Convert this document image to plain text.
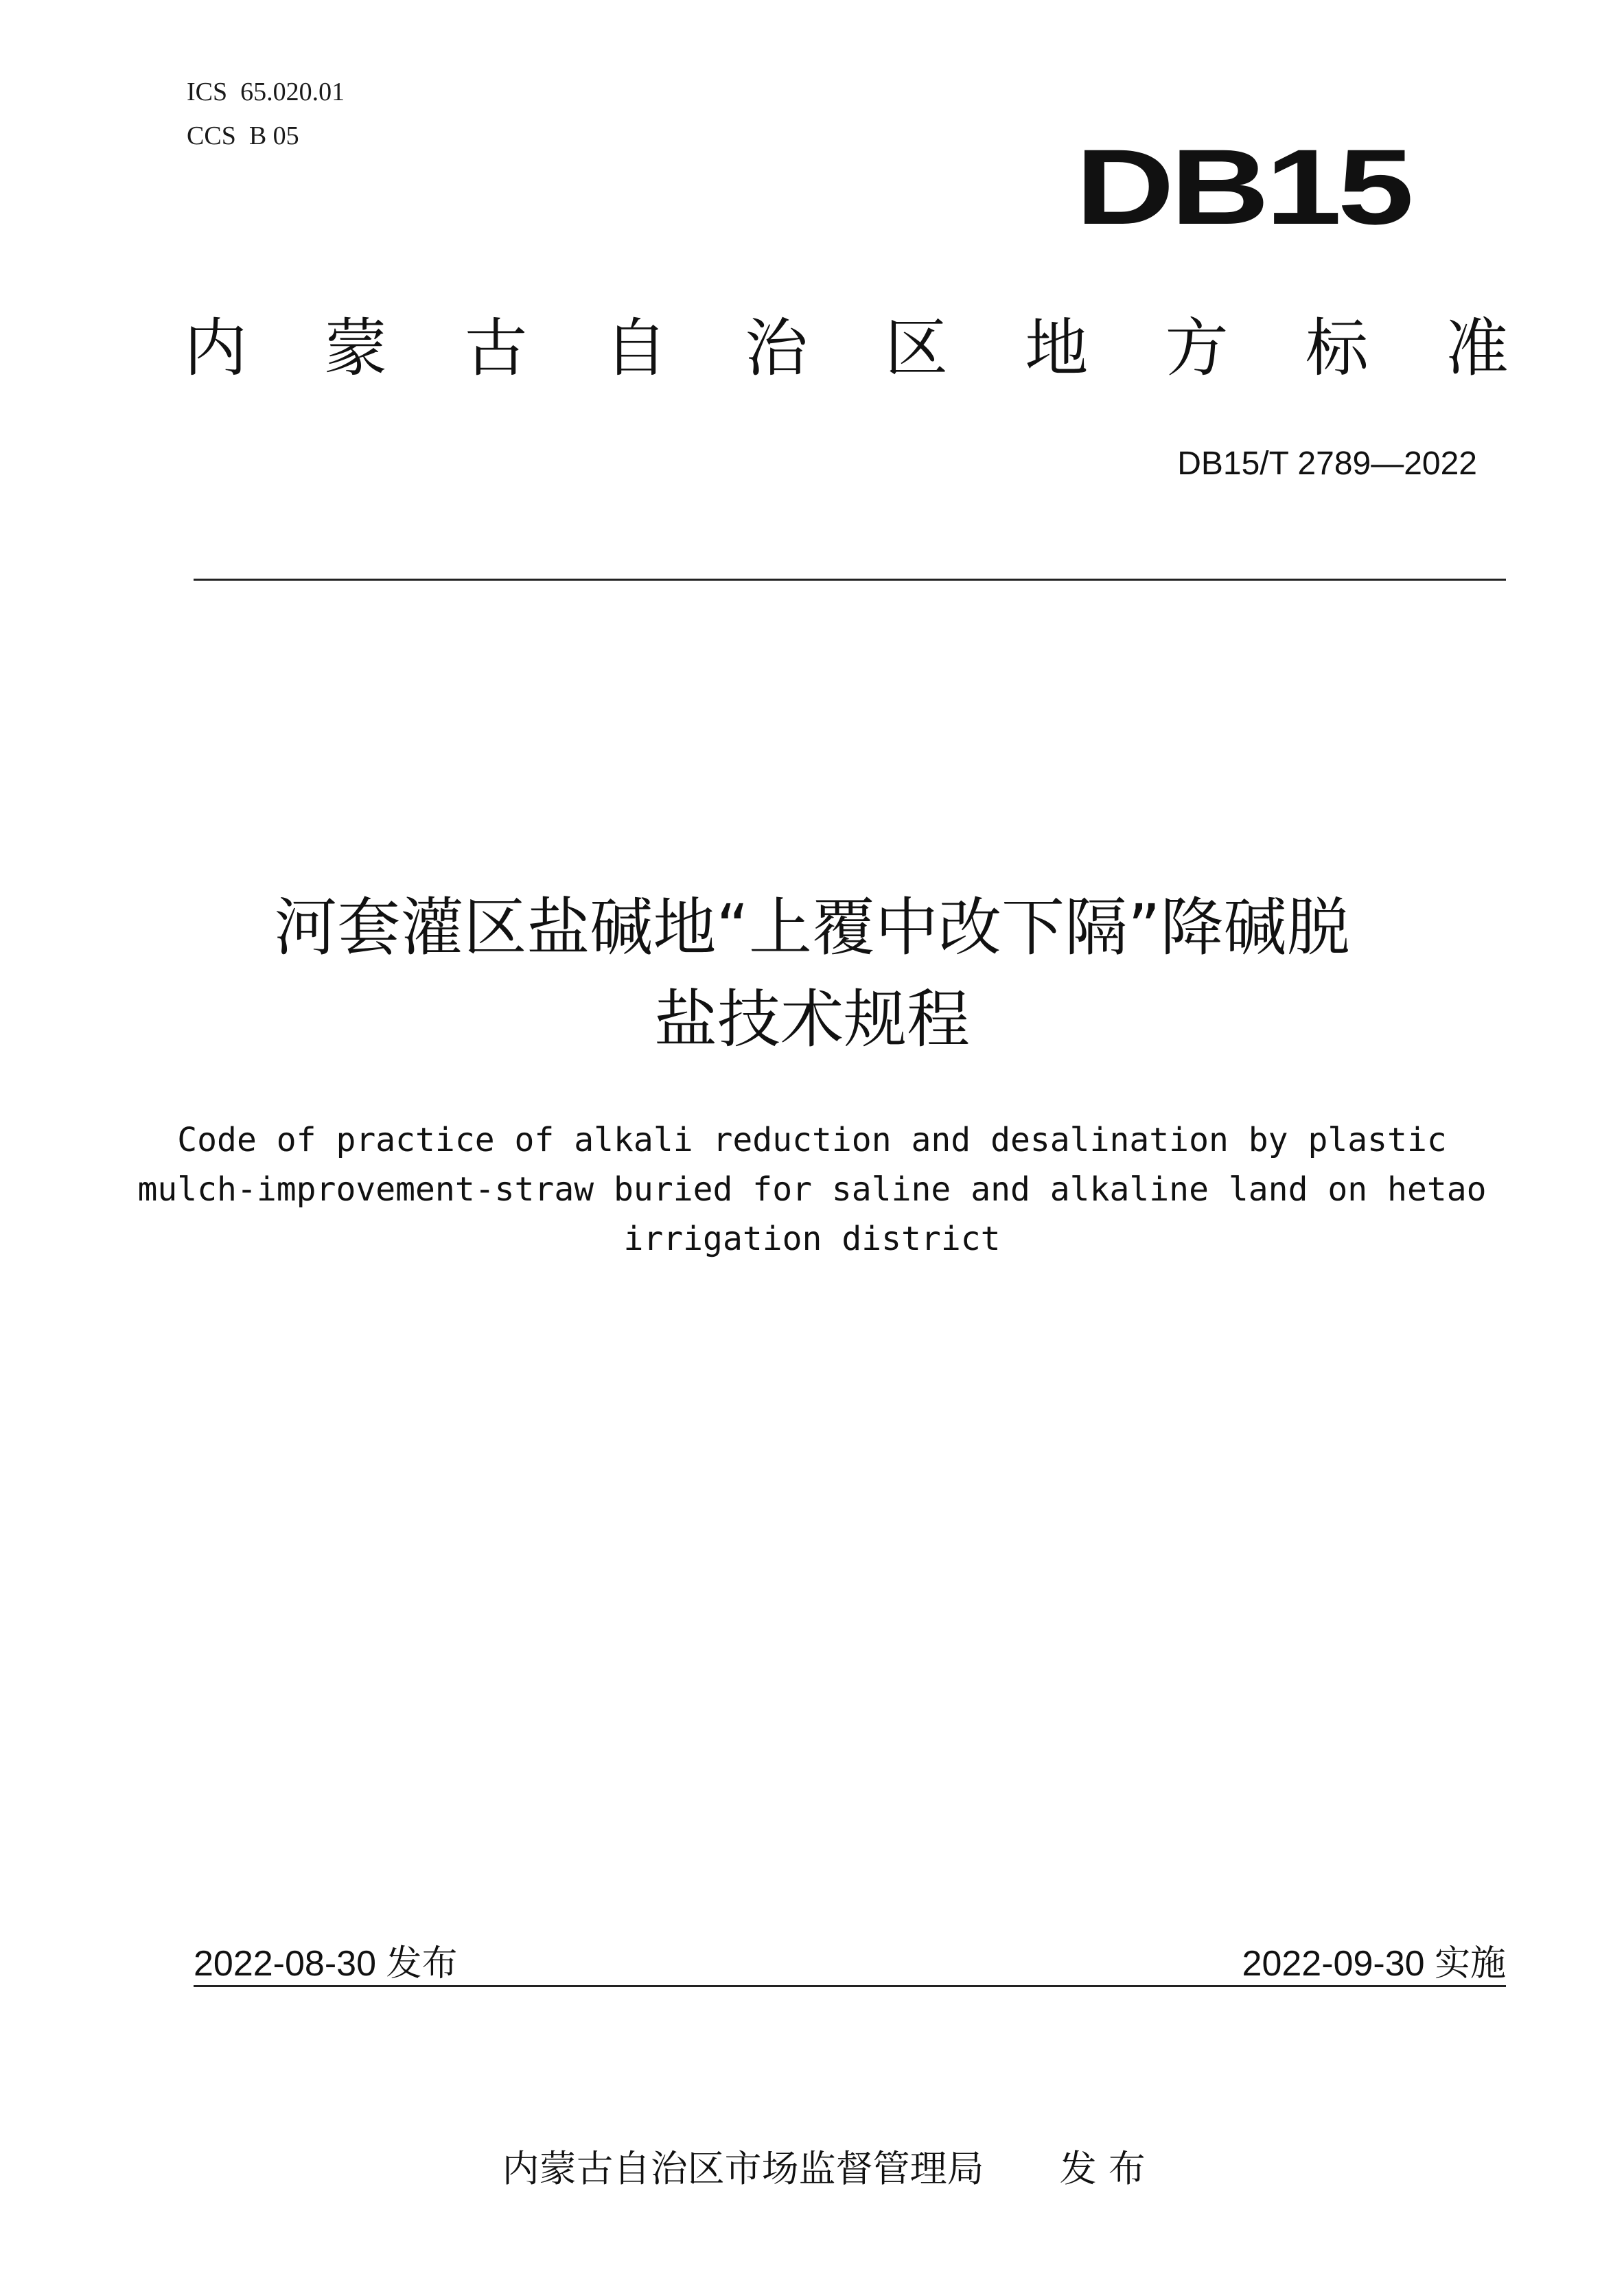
ICS  65.020.01
CCS  B 05	DB15
内 蒙 古 自 治 区 地 方 标 准
DB15/T 2789—2022
河套灌区盐碱地“上覆中改下隔”降碱脱
盐技术规程
Code of practice of alkali reduction and desalination by plastic
mulch-improvement-straw buried for saline and alkaline land on hetao
irrigation district
2022-08-30 发布	2022-09-30 实施

内蒙古自治区市场监督管理局 发 布
